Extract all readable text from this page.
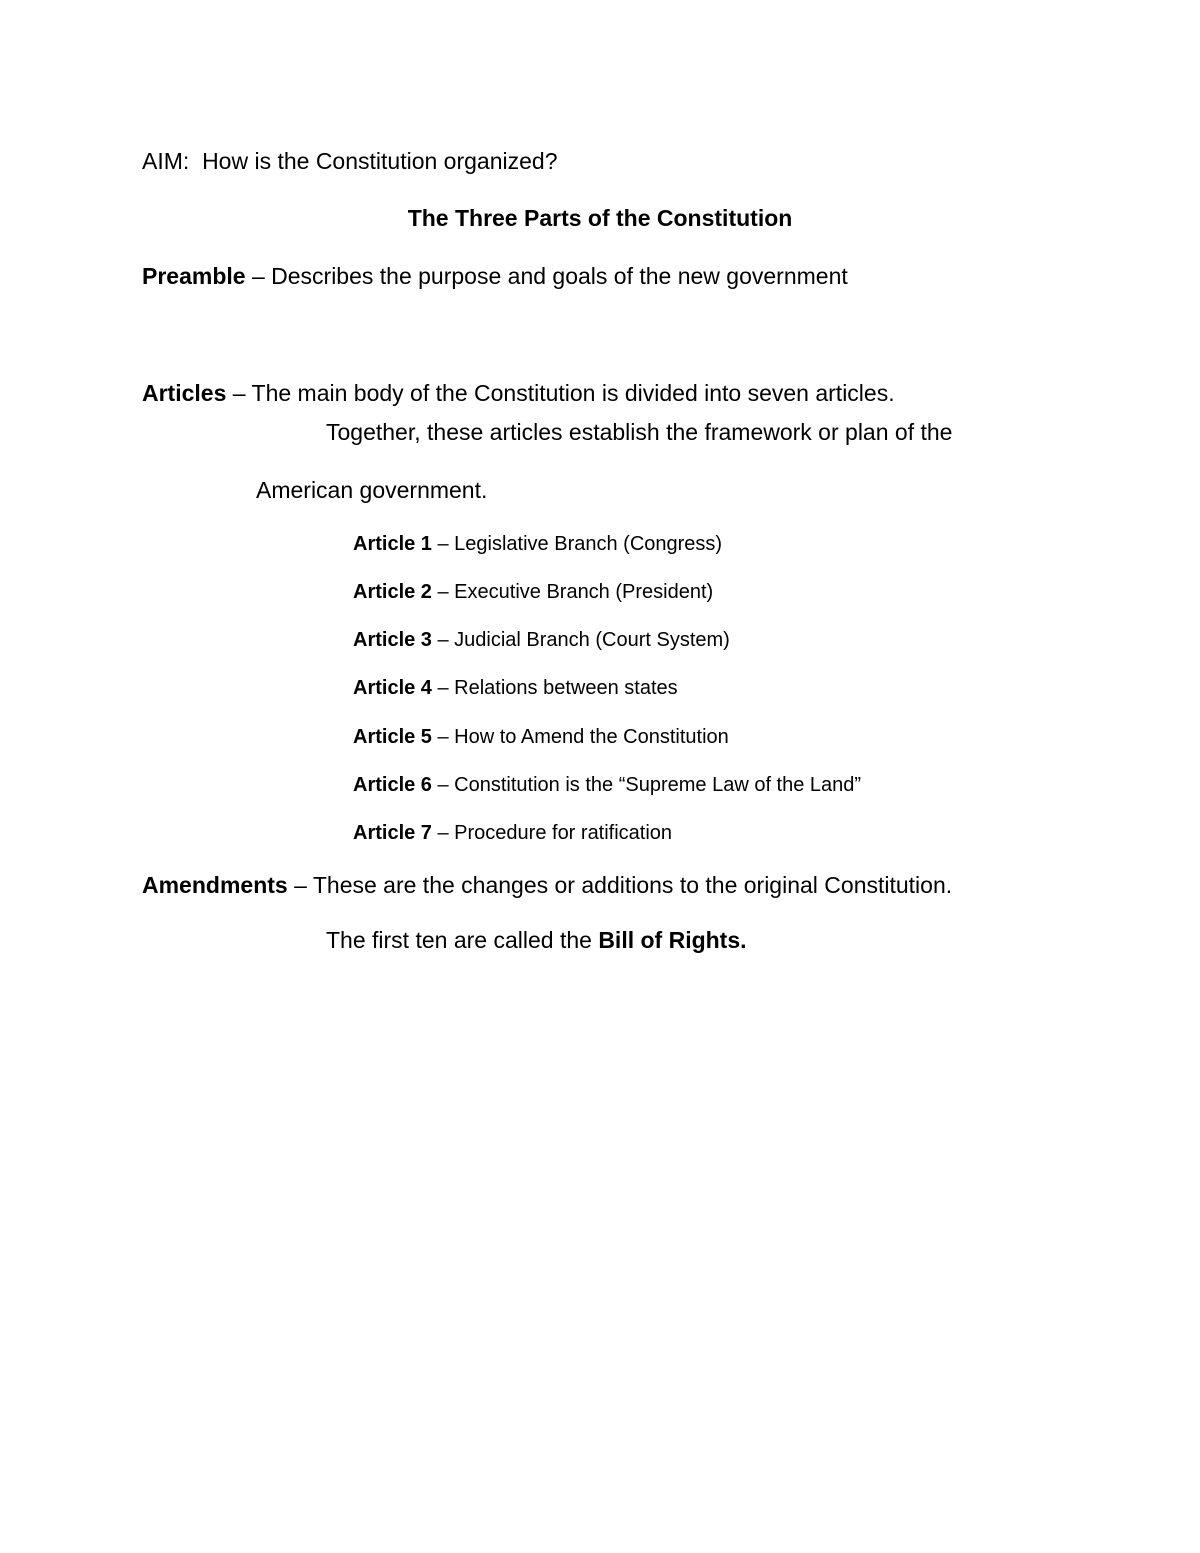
AIM: How is the Constitution organized?
The Three Parts of the Constitution
Preamble – Describes the purpose and goals of the new government
Articles – The main body of the Constitution is divided into seven articles.
Together, these articles establish the framework or plan of the
American government.
Article 1 – Legislative Branch (Congress)
Article 2 – Executive Branch (President)
Article 3 – Judicial Branch (Court System)
Article 4 – Relations between states
Article 5 – How to Amend the Constitution
Article 6 – Constitution is the “Supreme Law of the Land”
Article 7 – Procedure for ratification
Amendments – These are the changes or additions to the original Constitution.
The first ten are called the Bill of Rights.
